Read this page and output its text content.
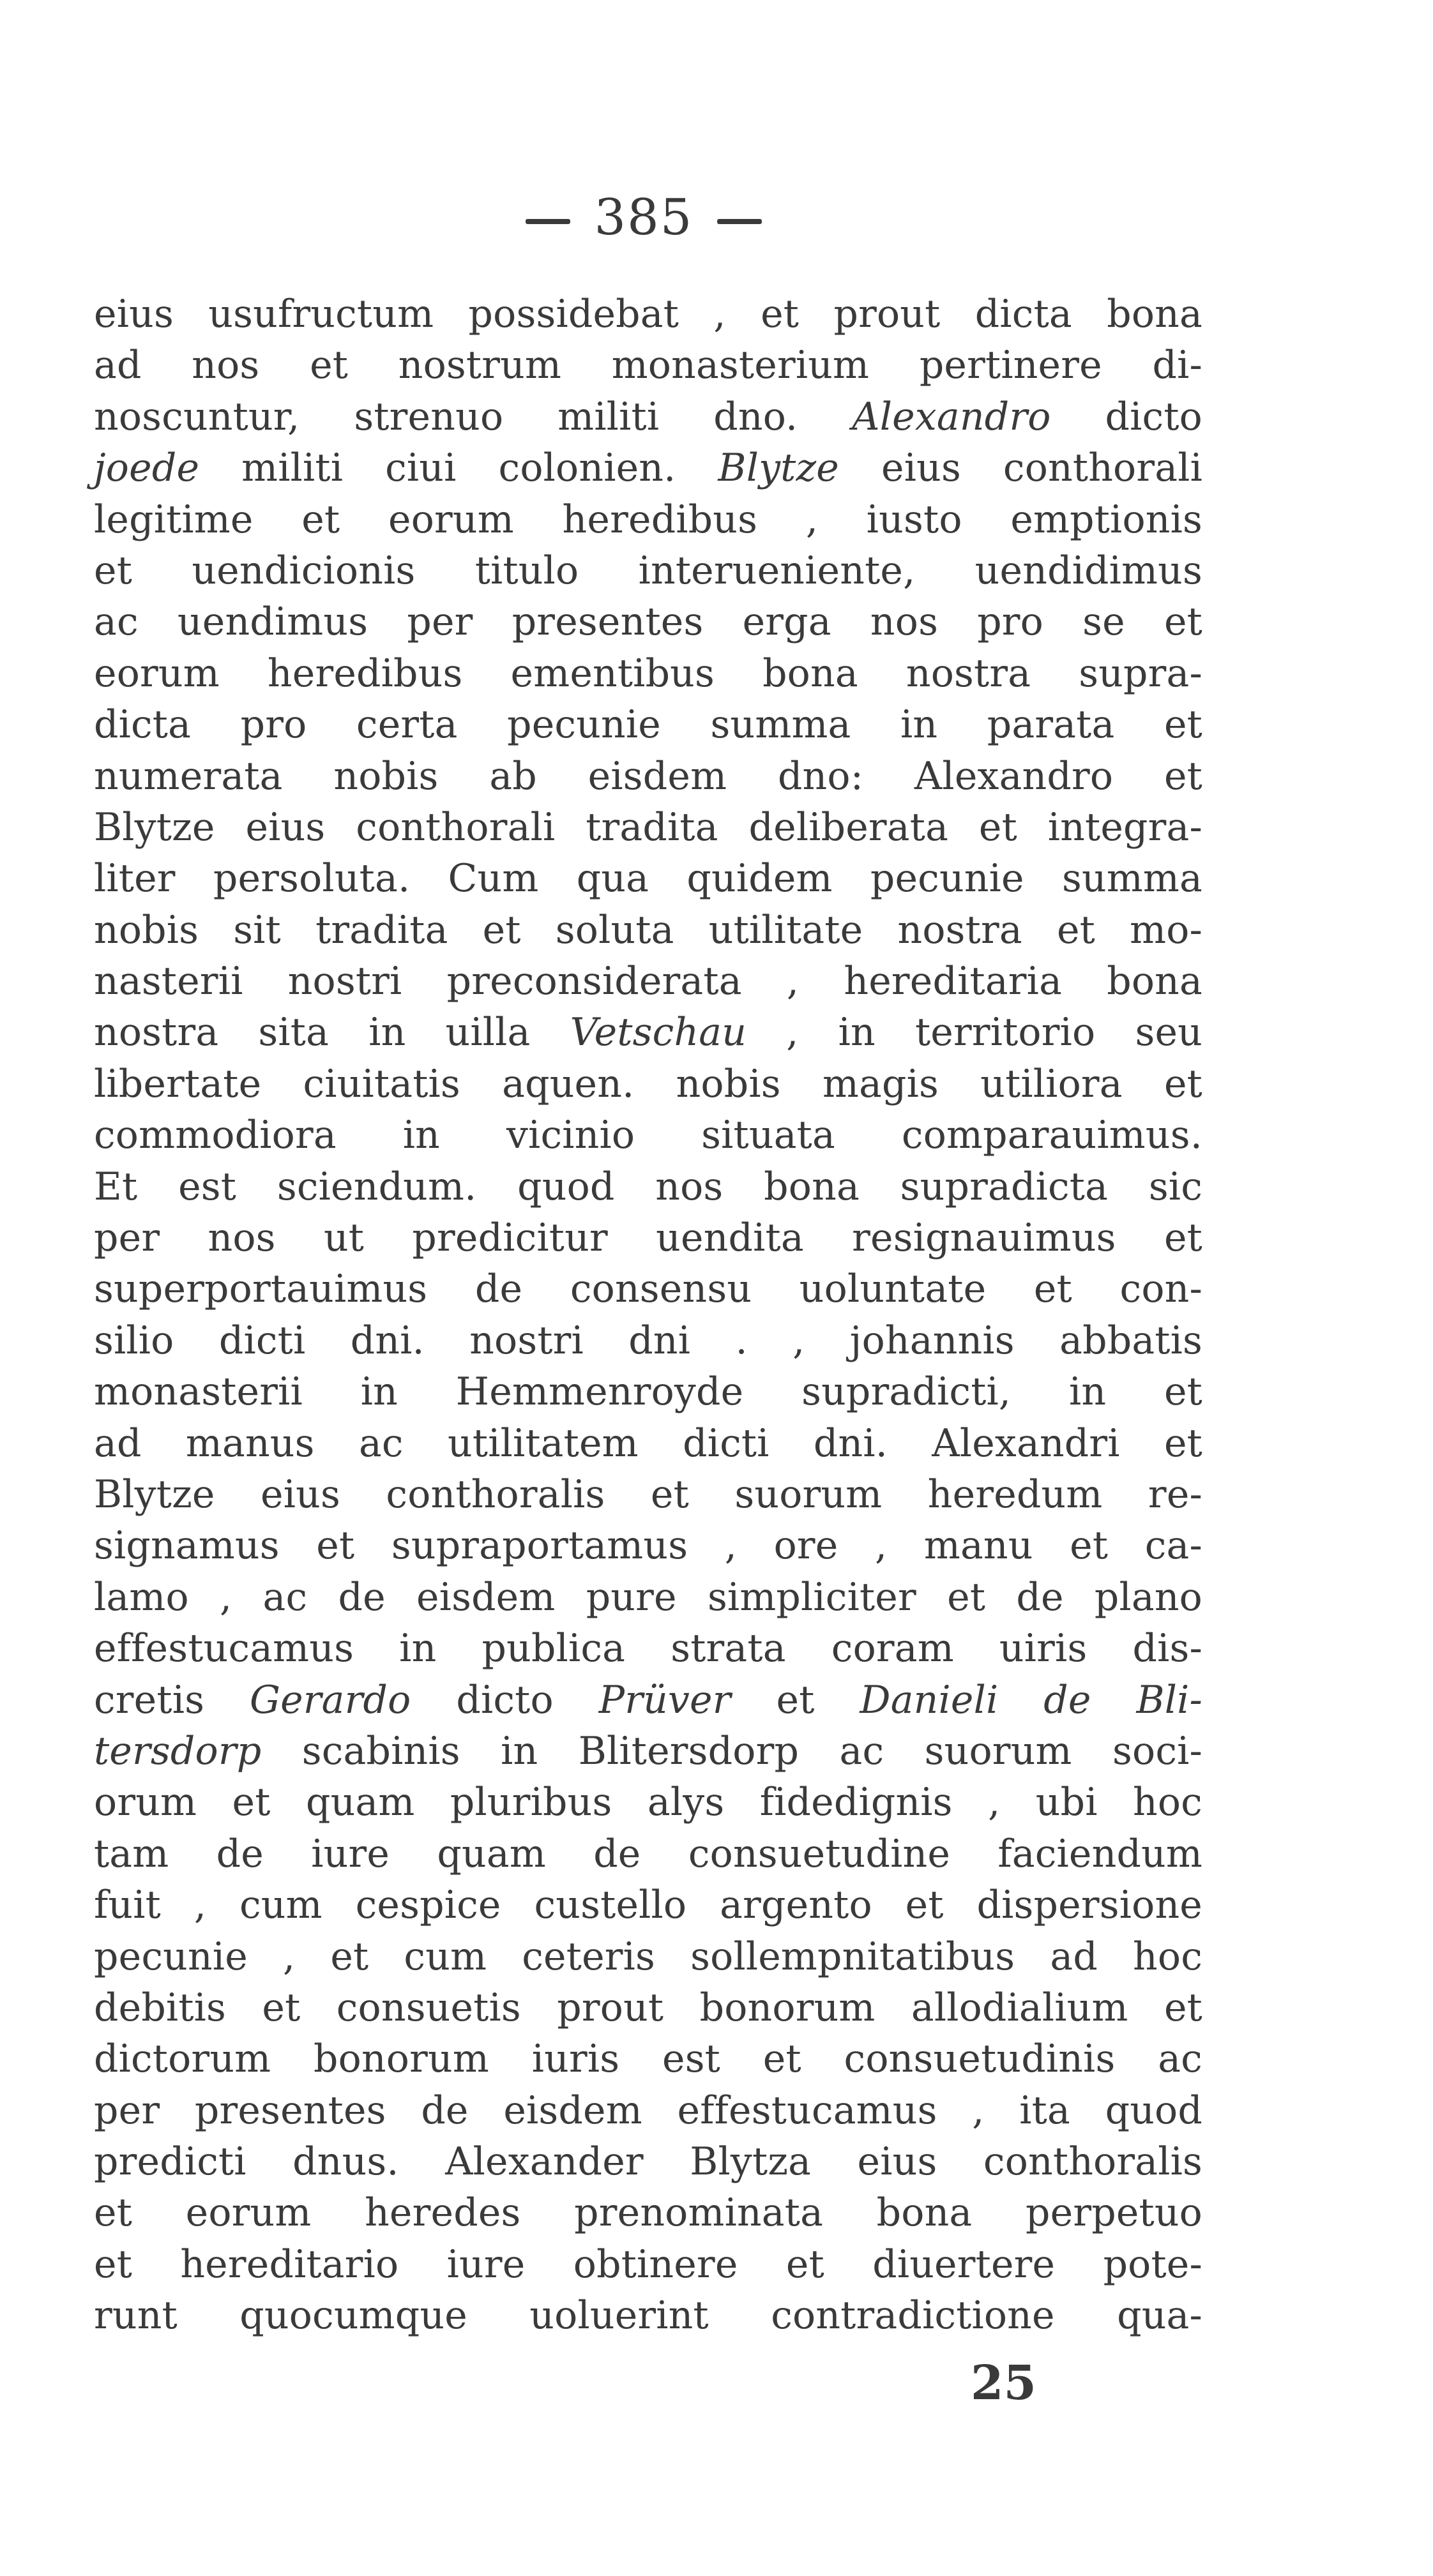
385
eius usufructum possidebat , et prout dicta bona
ad nos et nostrum monasterium pertinere di-
noscuntur, strenuo militi dno. Alexandro dicto
joede militi ciui colonien. Blytze eius conthorali
legitime et eorum heredibus , iusto emptionis
et uendicionis titulo interueniente, uendidimus
ac uendimus per presentes erga nos pro se et
eorum heredibus ementibus bona nostra supra-
dicta pro certa pecunie summa in parata et
numerata nobis ab eisdem dno: Alexandro et
Blytze eius conthorali tradita deliberata et integra-
liter persoluta. Cum qua quidem pecunie summa
nobis sit tradita et soluta utilitate nostra et mo-
nasterii nostri preconsiderata , hereditaria bona
nostra sita in uilla Vetschau , in territorio seu
libertate ciuitatis aquen. nobis magis utiliora et
commodiora in vicinio situata comparauimus.
Et est sciendum. quod nos bona supradicta sic
per nos ut predicitur uendita resignauimus et
superportauimus de consensu uoluntate et con-
silio dicti dni. nostri dni . , johannis abbatis
monasterii in Hemmenroyde supradicti, in et
ad manus ac utilitatem dicti dni. Alexandri et
Blytze eius conthoralis et suorum heredum re-
signamus et supraportamus , ore , manu et ca-
lamo , ac de eisdem pure simpliciter et de plano
effestucamus in publica strata coram uiris dis-
cretis Gerardo dicto Prüver et Danieli de Bli-
tersdorp scabinis in Blitersdorp ac suorum soci-
orum et quam pluribus alys fidedignis , ubi hoc
tam de iure quam de consuetudine faciendum
fuit , cum cespice custello argento et dispersione
pecunie , et cum ceteris sollempnitatibus ad hoc
debitis et consuetis prout bonorum allodialium et
dictorum bonorum iuris est et consuetudinis ac
per presentes de eisdem effestucamus , ita quod
predicti dnus. Alexander Blytza eius conthoralis
et eorum heredes prenominata bona perpetuo
et hereditario iure obtinere et diuertere pote-
runt quocumque uoluerint contradictione qua-
25
